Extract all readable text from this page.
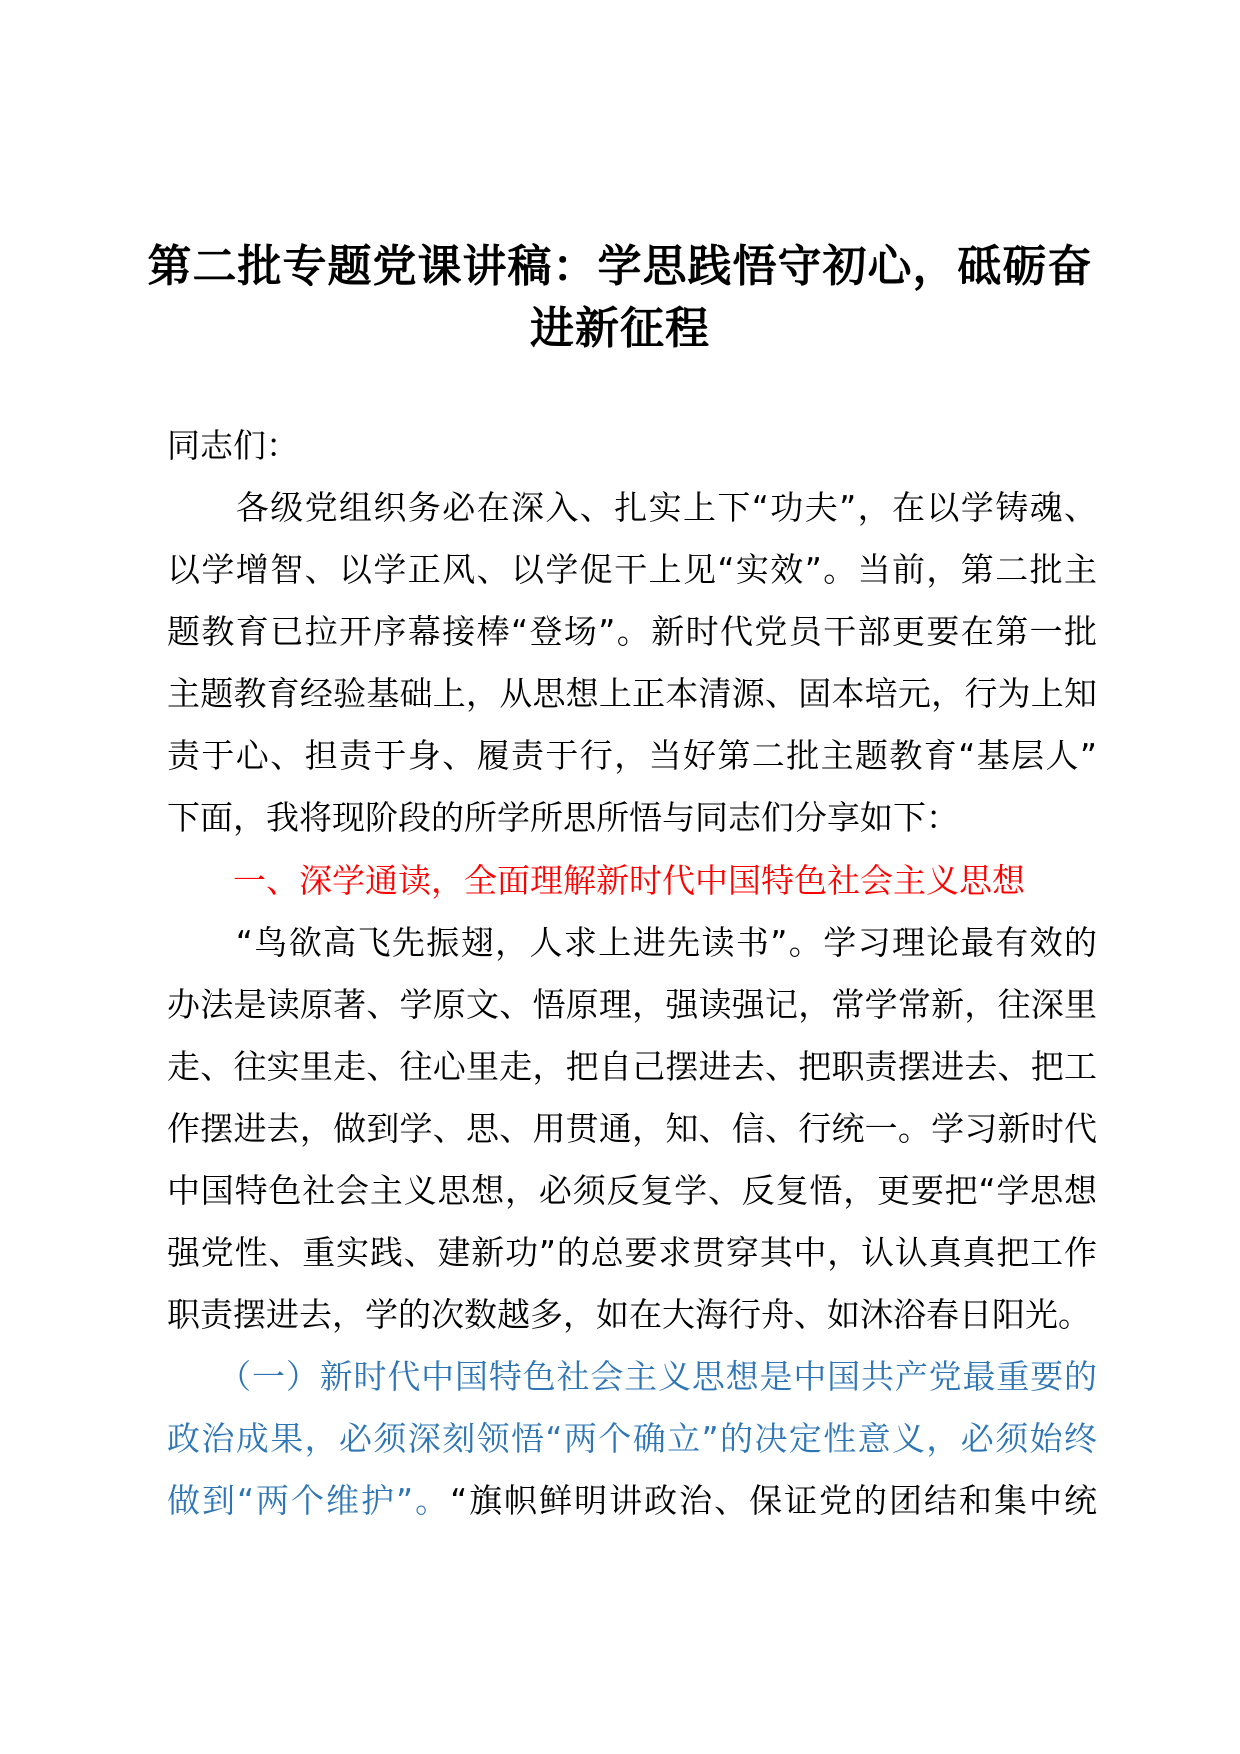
第二批专题党课讲稿：学思践悟守初心，砥砺奋
进新征程
同志们：
　　各级党组织务必在深入、扎实上下“功夫”，在以学铸魂、
以学增智、以学正风、以学促干上见“实效”。当前，第二批主
题教育已拉开序幕接棒“登场”。新时代党员干部更要在第一批
主题教育经验基础上，从思想上正本清源、固本培元，行为上知
责于心、担责于身、履责于行，当好第二批主题教育“基层人”
下面，我将现阶段的所学所思所悟与同志们分享如下：
一、深学通读，全面理解新时代中国特色社会主义思想
　　“鸟欲高飞先振翅，人求上进先读书”。学习理论最有效的
办法是读原著、学原文、悟原理，强读强记，常学常新，往深里
走、往实里走、往心里走，把自己摆进去、把职责摆进去、把工
作摆进去，做到学、思、用贯通，知、信、行统一。学习新时代
中国特色社会主义思想，必须反复学、反复悟，更要把“学思想
强党性、重实践、建新功”的总要求贯穿其中，认认真真把工作
职责摆进去，学的次数越多，如在大海行舟、如沐浴春日阳光。
　　（一）新时代中国特色社会主义思想是中国共产党最重要的
政治成果，必须深刻领悟“两个确立”的决定性意义，必须始终
做到“两个维护”。“旗帜鲜明讲政治、保证党的团结和集中统
